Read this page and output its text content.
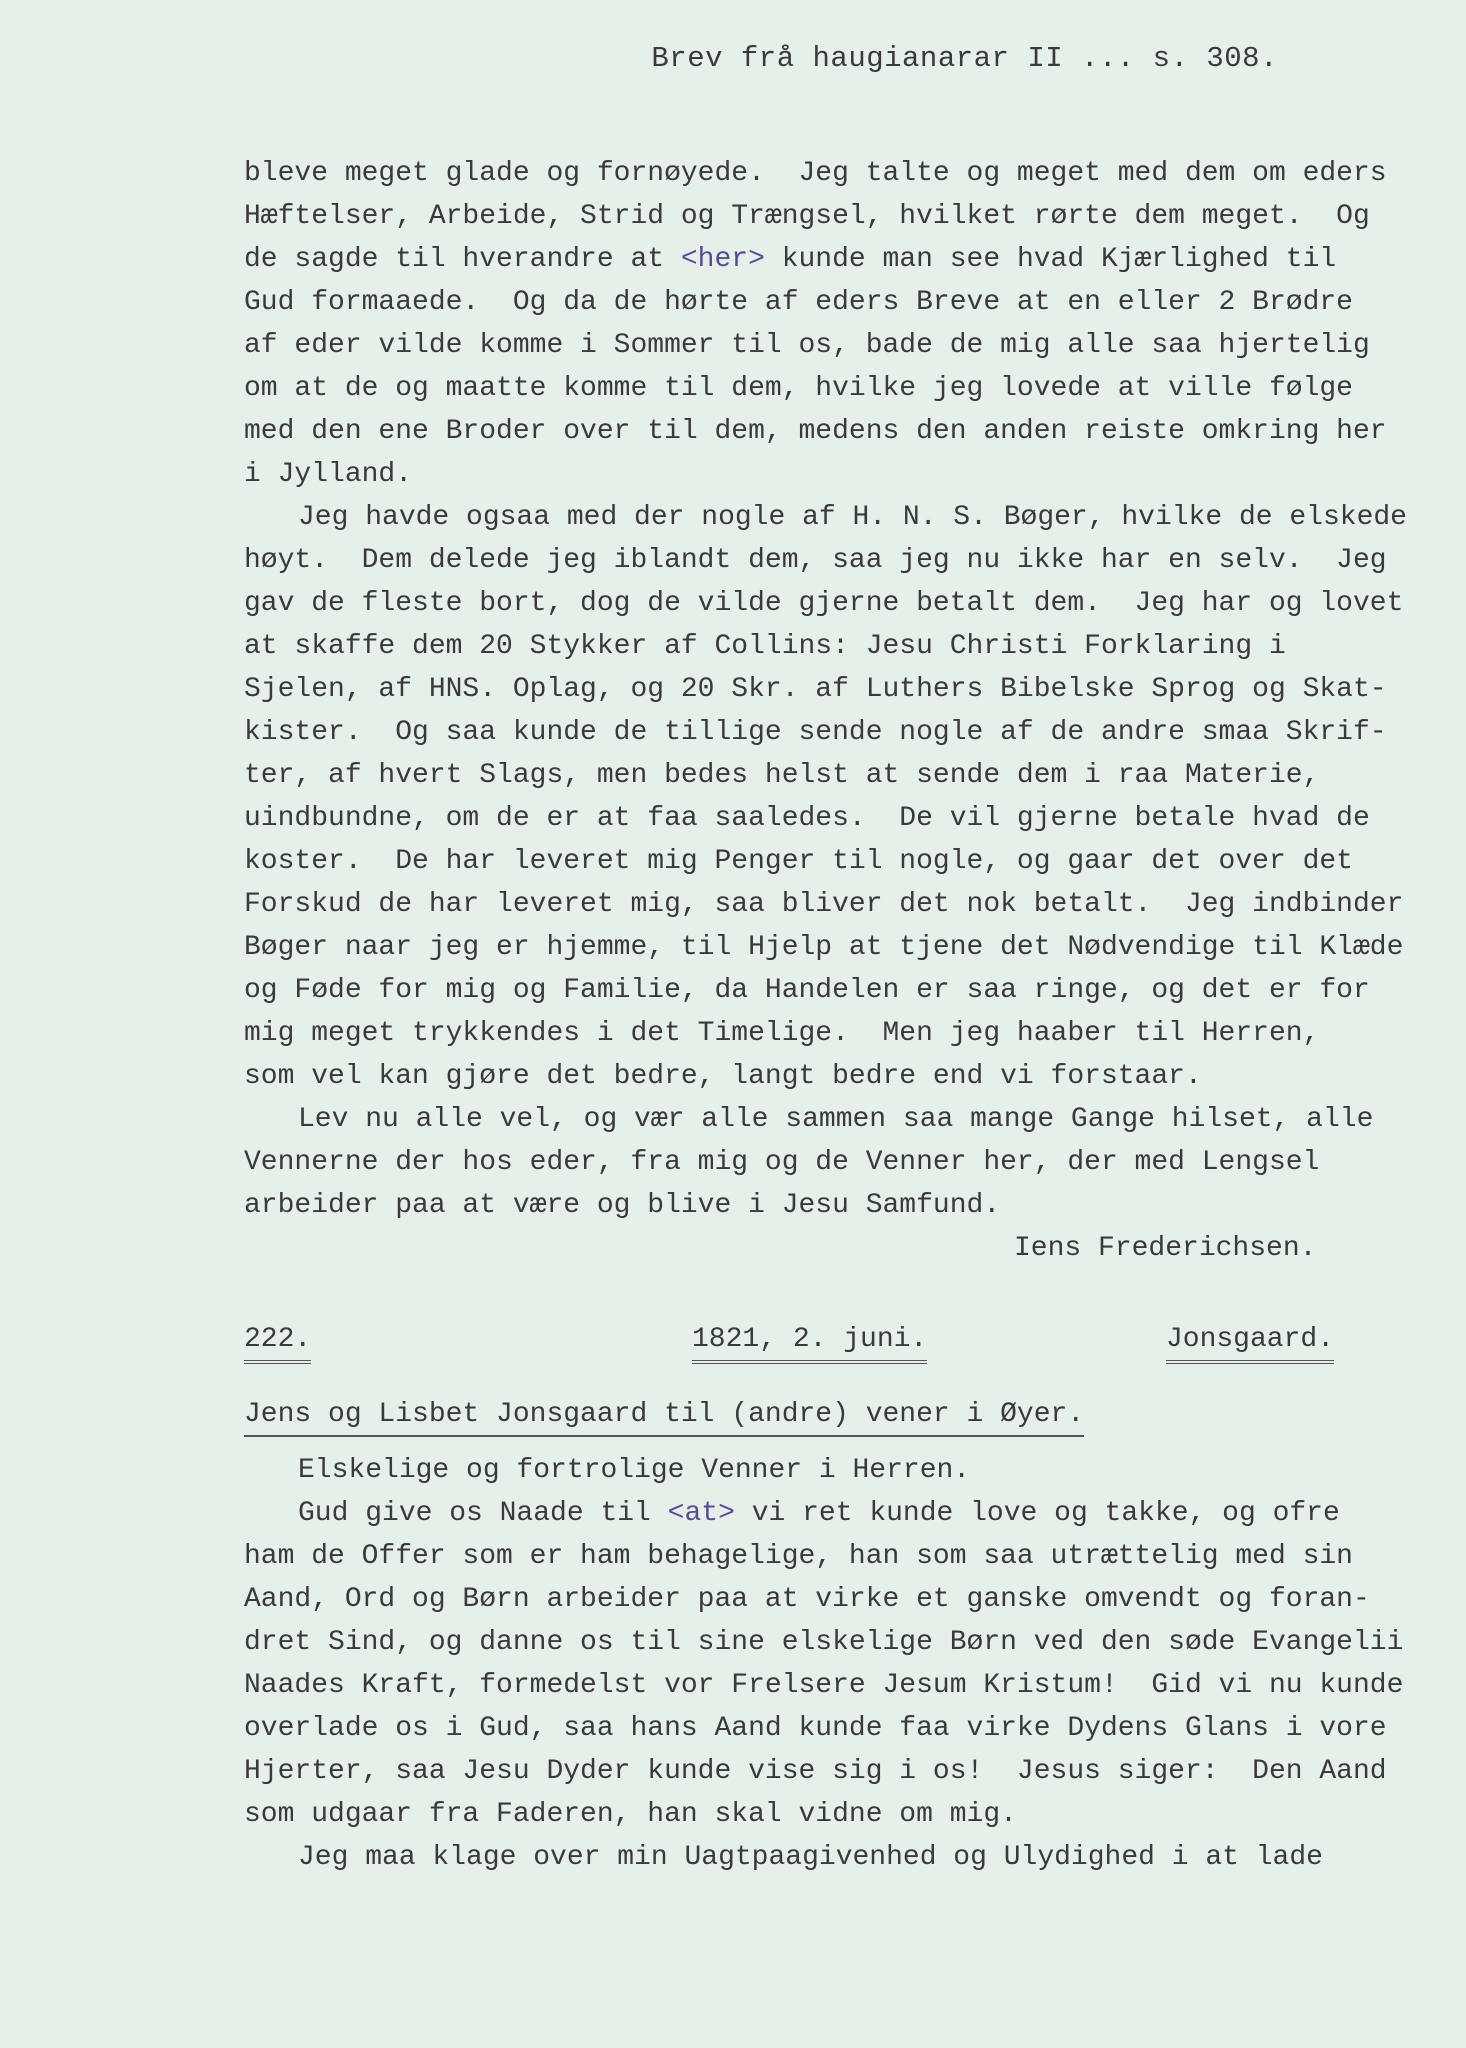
Brev frå haugianarar II ... s. 308.
bleve meget glade og fornøyede.  Jeg talte og meget med dem om eders
Hæftelser, Arbeide, Strid og Trængsel, hvilket rørte dem meget.  Og
de sagde til hverandre at <her> kunde man see hvad Kjærlighed til
Gud formaaede.  Og da de hørte af eders Breve at en eller 2 Brødre
af eder vilde komme i Sommer til os, bade de mig alle saa hjertelig
om at de og maatte komme til dem, hvilke jeg lovede at ville følge
med den ene Broder over til dem, medens den anden reiste omkring her
i Jylland.
Jeg havde ogsaa med der nogle af H. N. S. Bøger, hvilke de elskede
høyt.  Dem delede jeg iblandt dem, saa jeg nu ikke har en selv.  Jeg
gav de fleste bort, dog de vilde gjerne betalt dem.  Jeg har og lovet
at skaffe dem 20 Stykker af Collins: Jesu Christi Forklaring i
Sjelen, af HNS. Oplag, og 20 Skr. af Luthers Bibelske Sprog og Skat-
kister.  Og saa kunde de tillige sende nogle af de andre smaa Skrif-
ter, af hvert Slags, men bedes helst at sende dem i raa Materie,
uindbundne, om de er at faa saaledes.  De vil gjerne betale hvad de
koster.  De har leveret mig Penger til nogle, og gaar det over det
Forskud de har leveret mig, saa bliver det nok betalt.  Jeg indbinder
Bøger naar jeg er hjemme, til Hjelp at tjene det Nødvendige til Klæde
og Føde for mig og Familie, da Handelen er saa ringe, og det er for
mig meget trykkendes i det Timelige.  Men jeg haaber til Herren,
som vel kan gjøre det bedre, langt bedre end vi forstaar.
Lev nu alle vel, og vær alle sammen saa mange Gange hilset, alle
Vennerne der hos eder, fra mig og de Venner her, der med Lengsel
arbeider paa at være og blive i Jesu Samfund.
Iens Frederichsen.
222.	1821, 2. juni.	Jonsgaard.
Jens og Lisbet Jonsgaard til (andre) vener i Øyer.
Elskelige og fortrolige Venner i Herren.
Gud give os Naade til <at> vi ret kunde love og takke, og ofre
ham de Offer som er ham behagelige, han som saa utrættelig med sin
Aand, Ord og Børn arbeider paa at virke et ganske omvendt og foran-
dret Sind, og danne os til sine elskelige Børn ved den søde Evangelii
Naades Kraft, formedelst vor Frelsere Jesum Kristum!  Gid vi nu kunde
overlade os i Gud, saa hans Aand kunde faa virke Dydens Glans i vore
Hjerter, saa Jesu Dyder kunde vise sig i os!  Jesus siger:  Den Aand
som udgaar fra Faderen, han skal vidne om mig.
Jeg maa klage over min Uagtpaagivenhed og Ulydighed i at lade
